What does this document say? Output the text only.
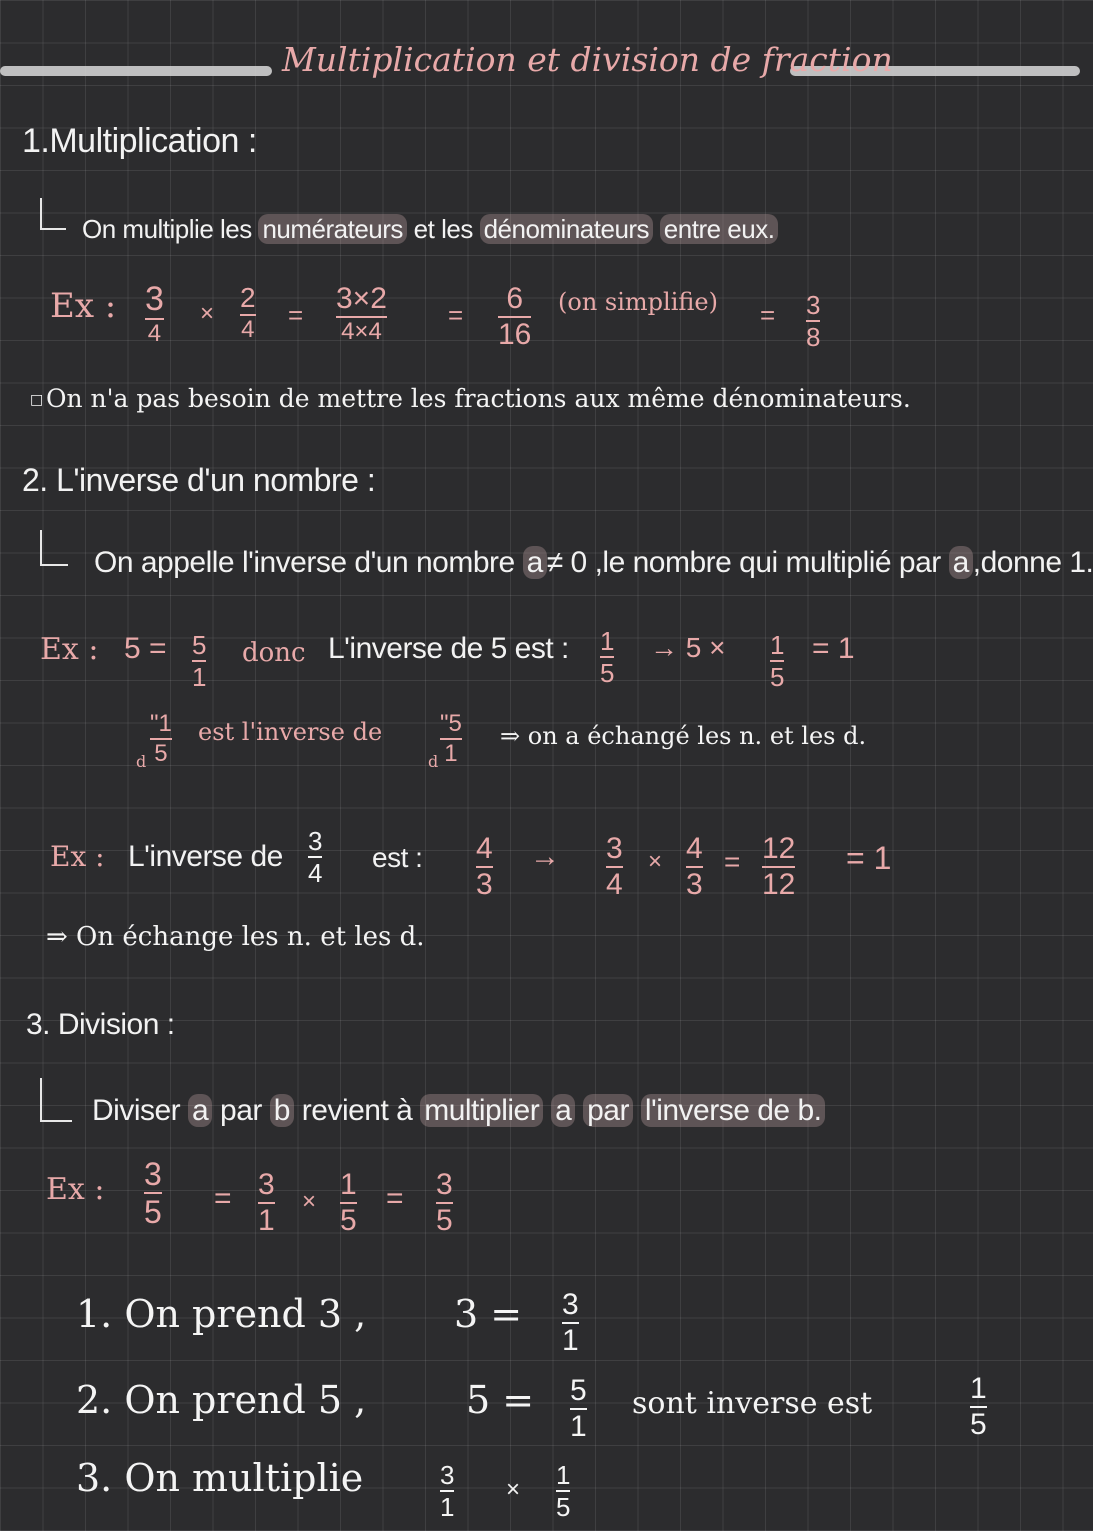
Multiplication et division de fraction
1.Multiplication :
On multiplie les numérateurs et les dénominateurs entre eux.
Ex : 3
4
×
2
4 = 3×2
4×4
= 6
16
(on simplifie) = 3
8
□ On n'a pas besoin de mettre les fractions aux même dénominateurs.
2. L'inverse d'un nombre :
On appelle l'inverse d'un nombre a ≠ 0 ,le nombre qui multiplié par a ,donne 1.
Ex : 5 = 5
1
donc L'inverse de 5 est : 1
5
→ 5 × 1
5
= 1
"1
5
d
est l'inverse de "5
1
d
⇒ on a échangé les n. et les d.
Ex : L'inverse de 3
4 est : 4
3
→ 3
4
× 4
3
= 12
12
= 1
⇒ On échange les n. et les d.
3. Division :
Diviser a par b revient à multiplier a par l'inverse de b.
Ex : 3
5 = 3
1
×
1
5
= 3
5
1. On prend 3 , 3 = 3
1
2. On prend 5 ,	5 = 5
1
sont inverse est	1
5
3. On multiplie	3
1
× 1
5
